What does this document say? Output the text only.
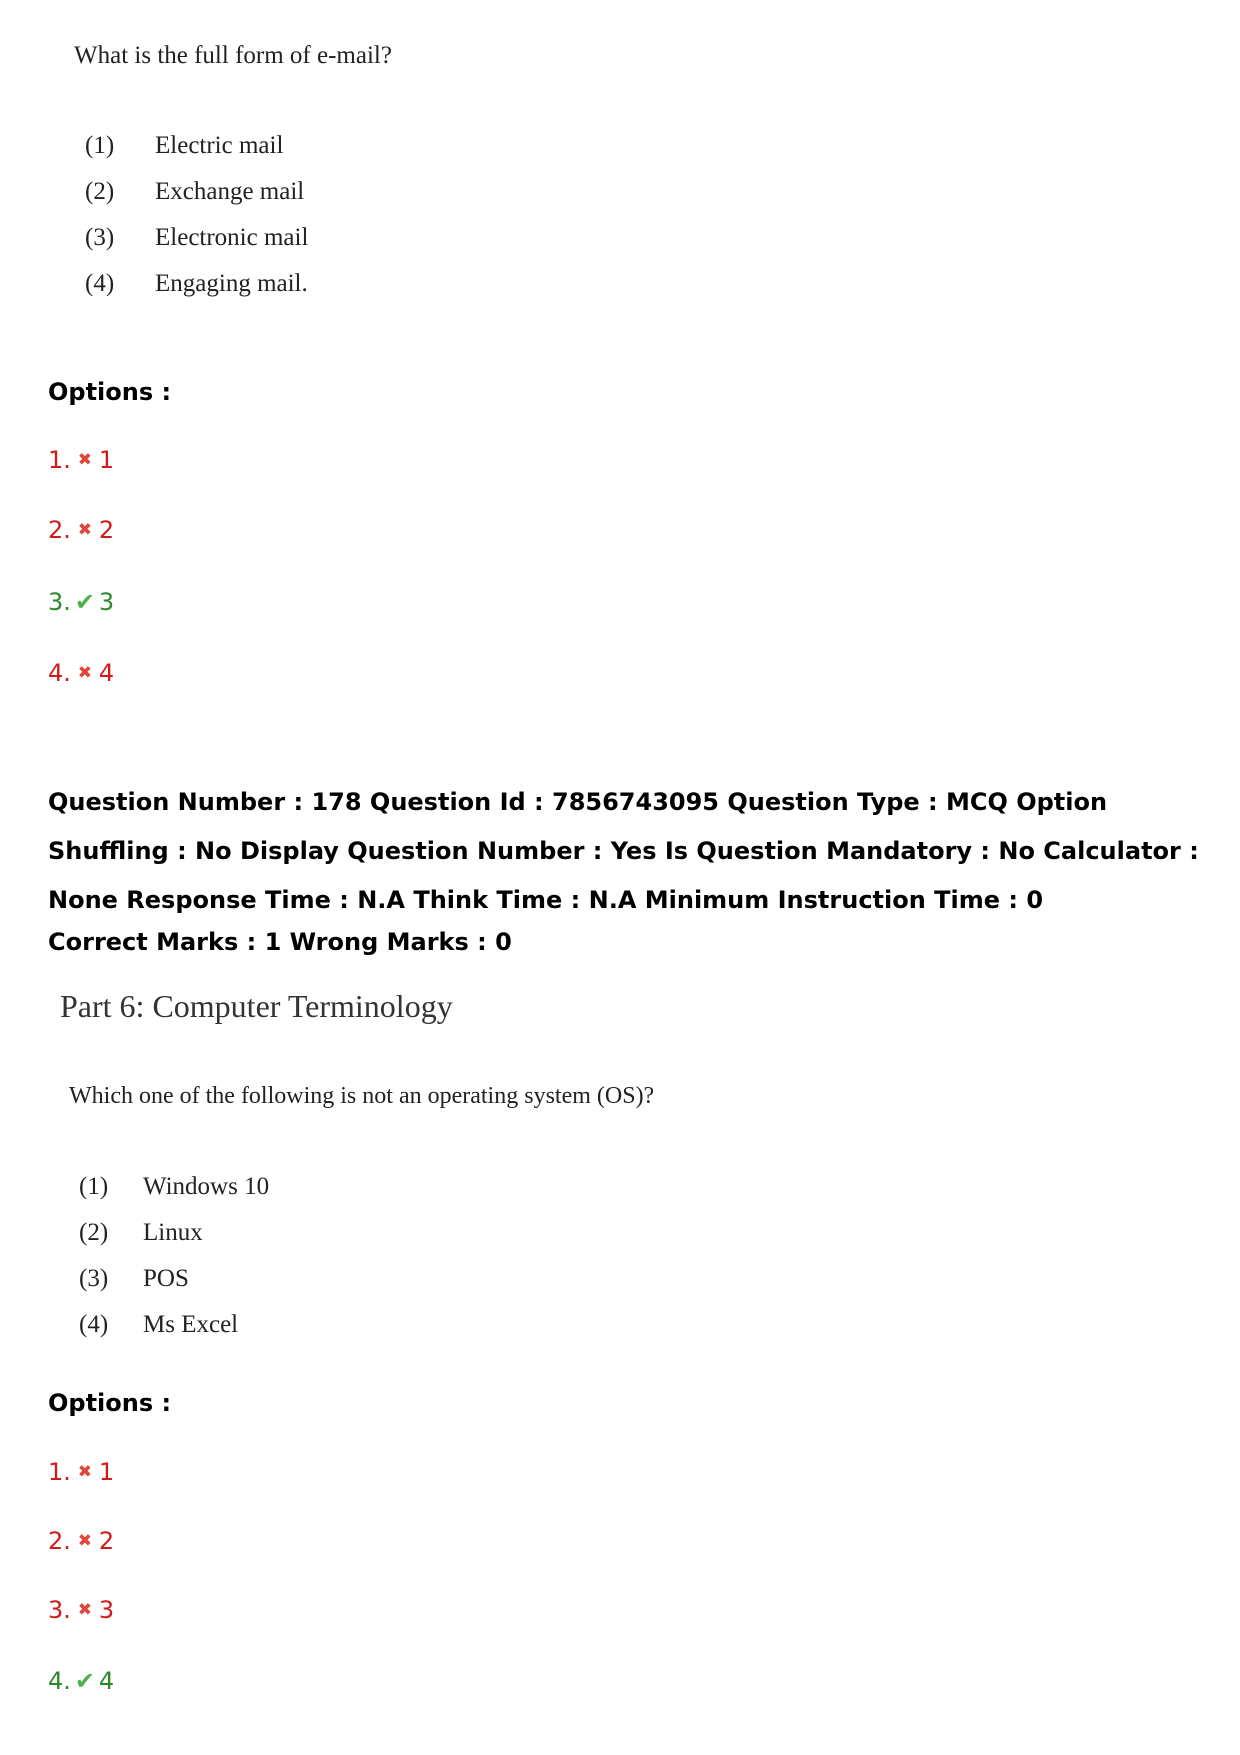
What is the full form of e-mail?
(1)	Electric mail
(2)	Exchange mail
(3)	Electronic mail
(4)	Engaging mail.
Options :
1. ✖ 1
2. ✖ 2
3. ✔ 3
4. ✖ 4
Question Number : 178 Question Id : 7856743095 Question Type : MCQ Option Shuffling : No Display Question Number : Yes Is Question Mandatory : No Calculator : None Response Time : N.A Think Time : N.A Minimum Instruction Time : 0
Correct Marks : 1 Wrong Marks : 0
Part 6: Computer Terminology
Which one of the following is not an operating system (OS)?
(1)	Windows 10
(2)	Linux
(3)	POS
(4)	Ms Excel
Options :
1. ✖ 1
2. ✖ 2
3. ✖ 3
4. ✔ 4
